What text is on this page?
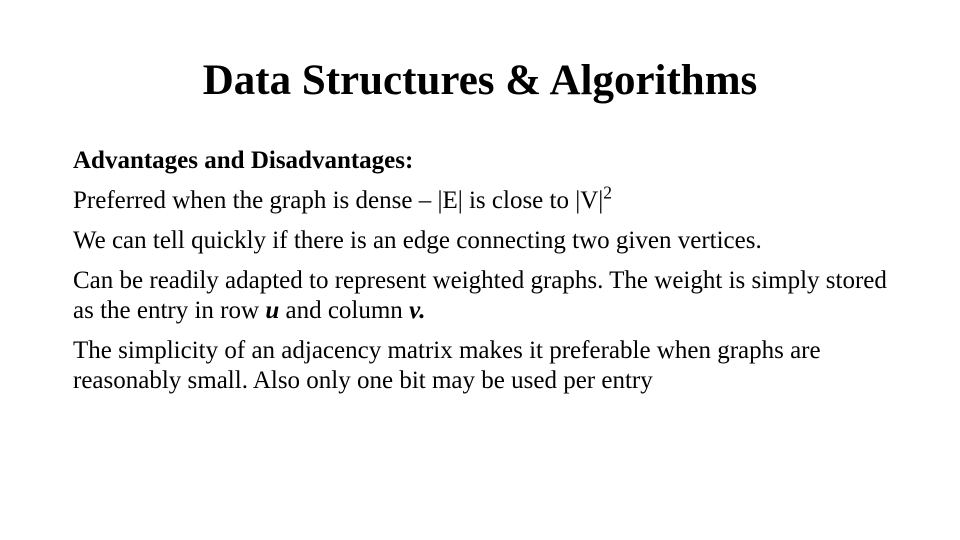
Data Structures & Algorithms
Advantages and Disadvantages:
Preferred when the graph is dense – |E| is close to $|V|^2$
We can tell quickly if there is an edge connecting two given vertices.
Can be readily adapted to represent weighted graphs. The weight is simply stored as the entry in row u and column v.
The simplicity of an adjacency matrix makes it preferable when graphs are reasonably small. Also only one bit may be used per entry
